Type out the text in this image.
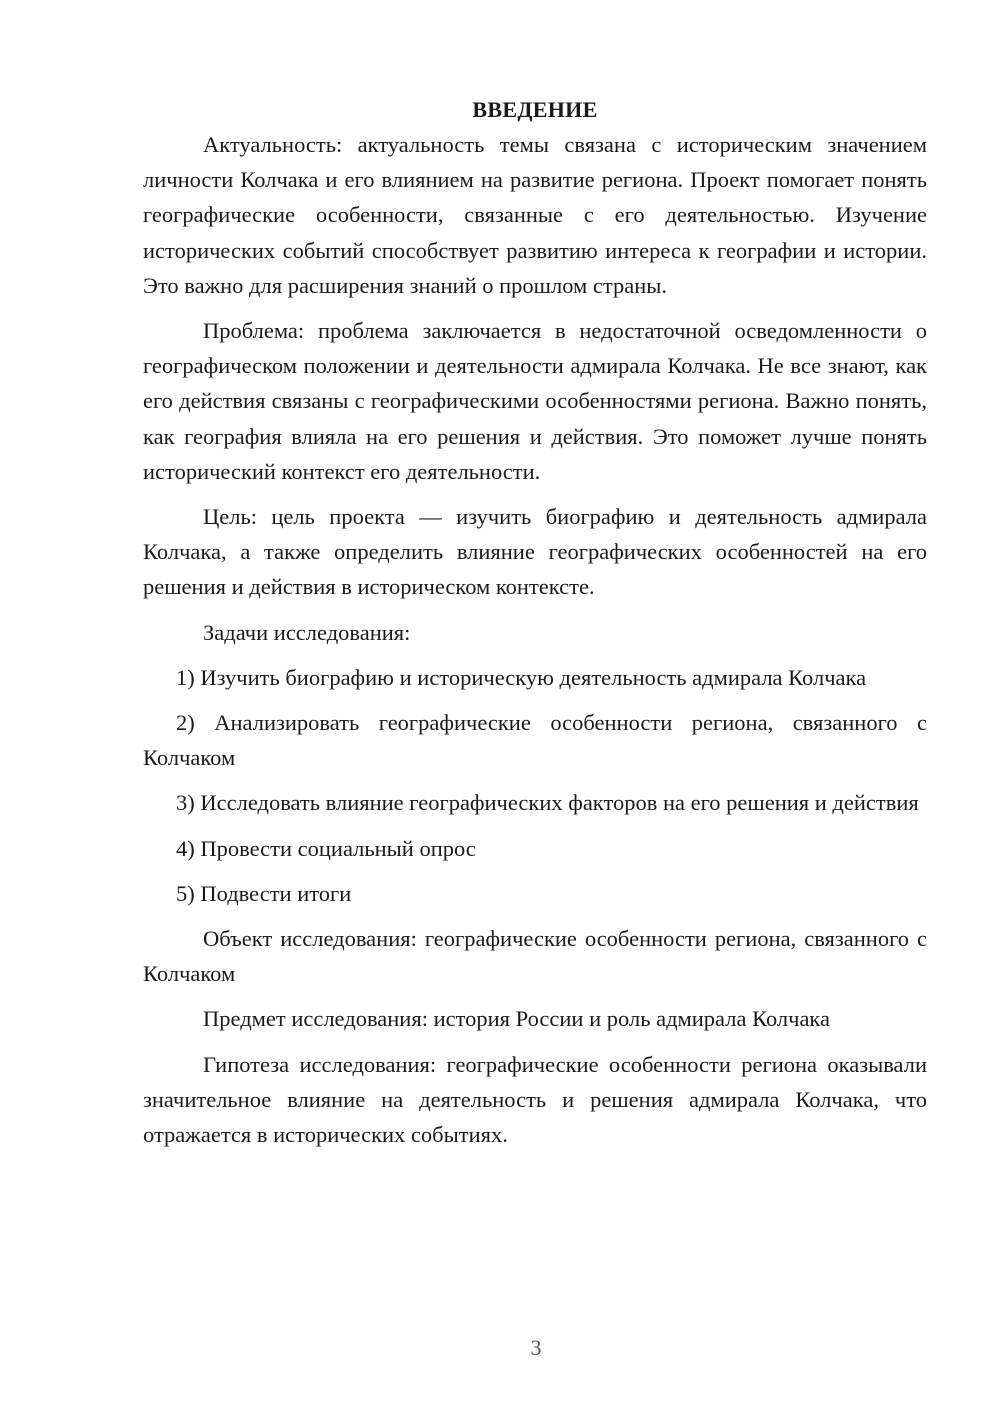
ВВЕДЕНИЕ

Актуальность: актуальность темы связана с историческим значением личности Колчака и его влиянием на развитие региона. Проект помогает понять географические особенности, связанные с его деятельностью. Изучение исторических событий способствует развитию интереса к географии и истории. Это важно для расширения знаний о прошлом страны.

Проблема: проблема заключается в недостаточной осведомленности о географическом положении и деятельности адмирала Колчака. Не все знают, как его действия связаны с географическими особенностями региона. Важно понять, как география влияла на его решения и действия. Это поможет лучше понять исторический контекст его деятельности.

Цель: цель проекта — изучить биографию и деятельность адмирала Колчака, а также определить влияние географических особенностей на его решения и действия в историческом контексте.

Задачи исследования:

1) Изучить биографию и историческую деятельность адмирала Колчака

2) Анализировать географические особенности региона, связанного с Колчаком

3) Исследовать влияние географических факторов на его решения и действия

4) Провести социальный опрос

5) Подвести итоги

Объект исследования: географические особенности региона, связанного с Колчаком

Предмет исследования: история России и роль адмирала Колчака

Гипотеза исследования: географические особенности региона оказывали значительное влияние на деятельность и решения адмирала Колчака, что отражается в исторических событиях.

3
